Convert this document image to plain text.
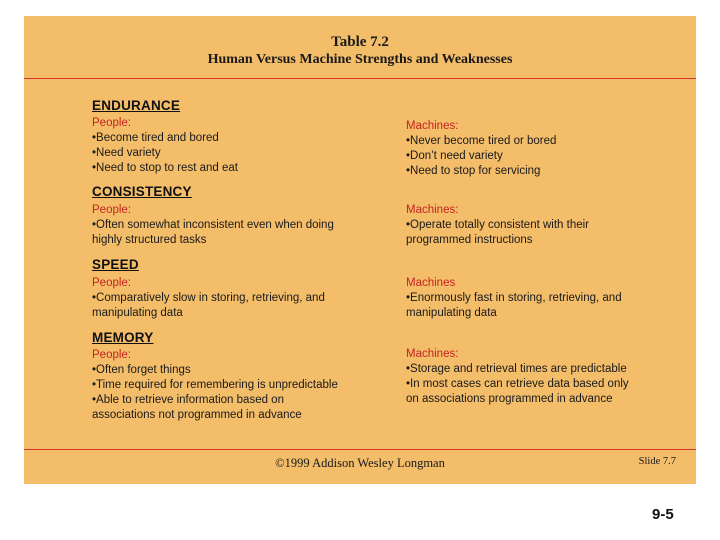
Table 7.2
Human Versus Machine Strengths and Weaknesses
ENDURANCE
People:
•Become tired and bored
•Need variety
•Need to stop to rest and eat
Machines:
•Never become tired or bored
•Don’t need variety
•Need to stop for servicing
CONSISTENCY
People:
•Often somewhat inconsistent even when doing
highly structured tasks
Machines:
•Operate totally consistent with their
programmed instructions
SPEED
People:
•Comparatively slow in storing, retrieving, and
manipulating data
Machines
•Enormously fast in storing, retrieving, and
manipulating data
MEMORY
People:
•Often forget things
•Time required for remembering is unpredictable
•Able to retrieve information based on
associations not programmed in advance
Machines:
•Storage and retrieval times are predictable
•In most cases can retrieve data based only
on associations programmed in advance
©1999 Addison Wesley Longman	Slide 7.7
9-5
